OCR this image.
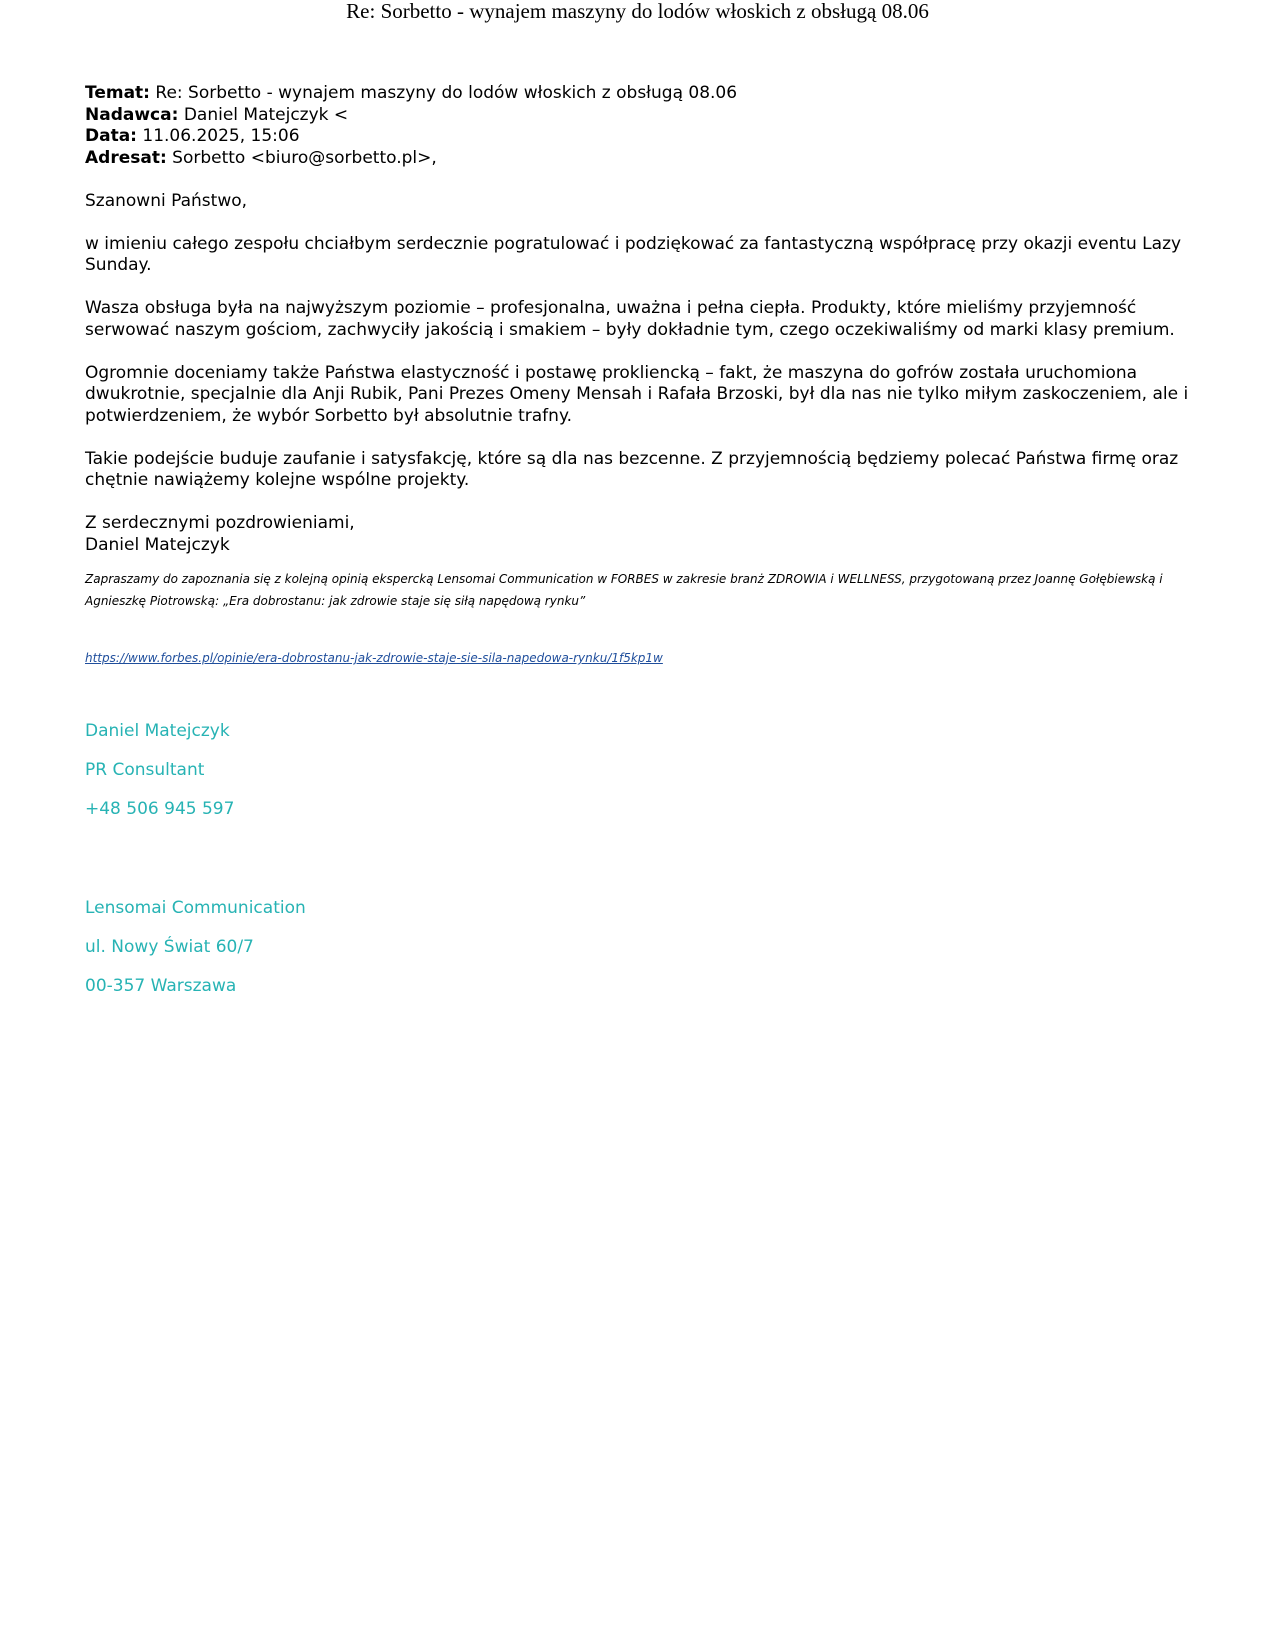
Re: Sorbetto - wynajem maszyny do lodów włoskich z obsługą 08.06
Temat: Re: Sorbetto - wynajem maszyny do lodów włoskich z obsługą 08.06
Nadawca: Daniel Matejczyk <
Data: 11.06.2025, 15:06
Adresat: Sorbetto <biuro@sorbetto.pl>,

Szanowni Państwo,

w imieniu całego zespołu chciałbym serdecznie pogratulować i podziękować za fantastyczną współpracę przy okazji eventu Lazy Sunday.

Wasza obsługa była na najwyższym poziomie – profesjonalna, uważna i pełna ciepła. Produkty, które mieliśmy przyjemność serwować naszym gościom, zachwyciły jakością i smakiem – były dokładnie tym, czego oczekiwaliśmy od marki klasy premium.

Ogromnie doceniamy także Państwa elastyczność i postawę prokliencką – fakt, że maszyna do gofrów została uruchomiona dwukrotnie, specjalnie dla Anji Rubik, Pani Prezes Omeny Mensah i Rafała Brzoski, był dla nas nie tylko miłym zaskoczeniem, ale i potwierdzeniem, że wybór Sorbetto był absolutnie trafny.

Takie podejście buduje zaufanie i satysfakcję, które są dla nas bezcenne. Z przyjemnością będziemy polecać Państwa firmę oraz chętnie nawiążemy kolejne wspólne projekty.

Z serdecznymi pozdrowieniami,
Daniel Matejczyk
Zapraszamy do zapoznania się z kolejną opinią ekspercką Lensomai Communication w FORBES w zakresie branż ZDROWIA i WELLNESS, przygotowaną przez Joannę Gołębiewską i Agnieszkę Piotrowską: „Era dobrostanu: jak zdrowie staje się siłą napędową rynku”
https://www.forbes.pl/opinie/era-dobrostanu-jak-zdrowie-staje-sie-sila-napedowa-rynku/1f5kp1w
Daniel Matejczyk
PR Consultant
+48 506 945 597
Lensomai Communication
ul. Nowy Świat 60/7
00-357 Warszawa
